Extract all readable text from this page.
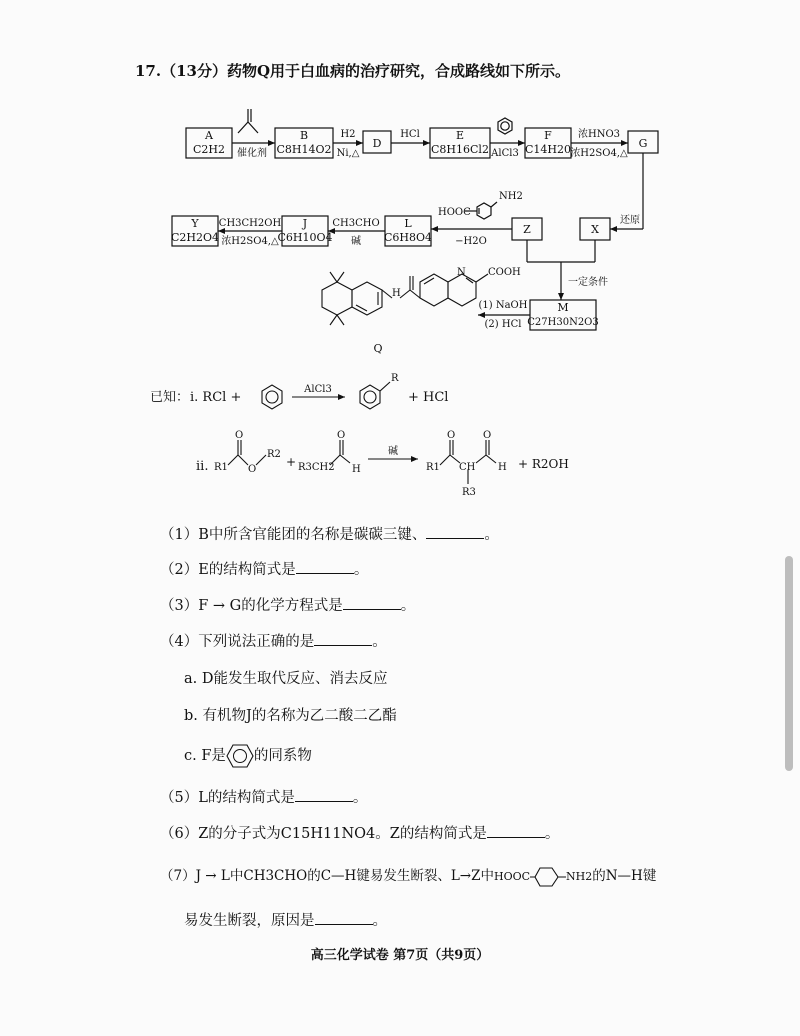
17.（13分）药物Q用于白血病的治疗研究，合成路线如下所示。
A
C2H2 催化剂
B
C8H14O2
H2
Ni,△
D
HCl	E
C8H16Cl2 AlCl3
F
C14H20
浓HNO3
浓H2SO4,△
G
还原
Y
C2H2O4
CH3CH2OH
浓H2SO4,△
J
C6H10O4
CH3CHO
碱
L
C6H8O4
NH2
HOOC
−H2O
Z	X
一定条件
M
C27H30N2O3
(1) NaOH
(2) HCl
H
N COOH
Q
已知： i. RCl +
AlCl3
R
+ HCl
ii.
O
R1 O
R2
+ R3CH2
O
H
碱
O
R1 CH
O
H
R3
+ R2OH
（1）B中所含官能团的名称是碳碳三键、	。
（2）E的结构简式是	。
（3）F → G的化学方程式是	。
（4）下列说法正确的是	。
a. D能发生取代反应、消去反应
b. 有机物J的名称为乙二酸二乙酯
c. F是 的同系物
（5）L的结构简式是	。
（6）Z的分子式为C15H11NO4。Z的结构简式是	。
（7）J → L中CH3CHO的C—H键易发生断裂、L→Z中HOOC	NH2的N—H键
易发生断裂，原因是	。
高三化学试卷 第7页（共9页）
